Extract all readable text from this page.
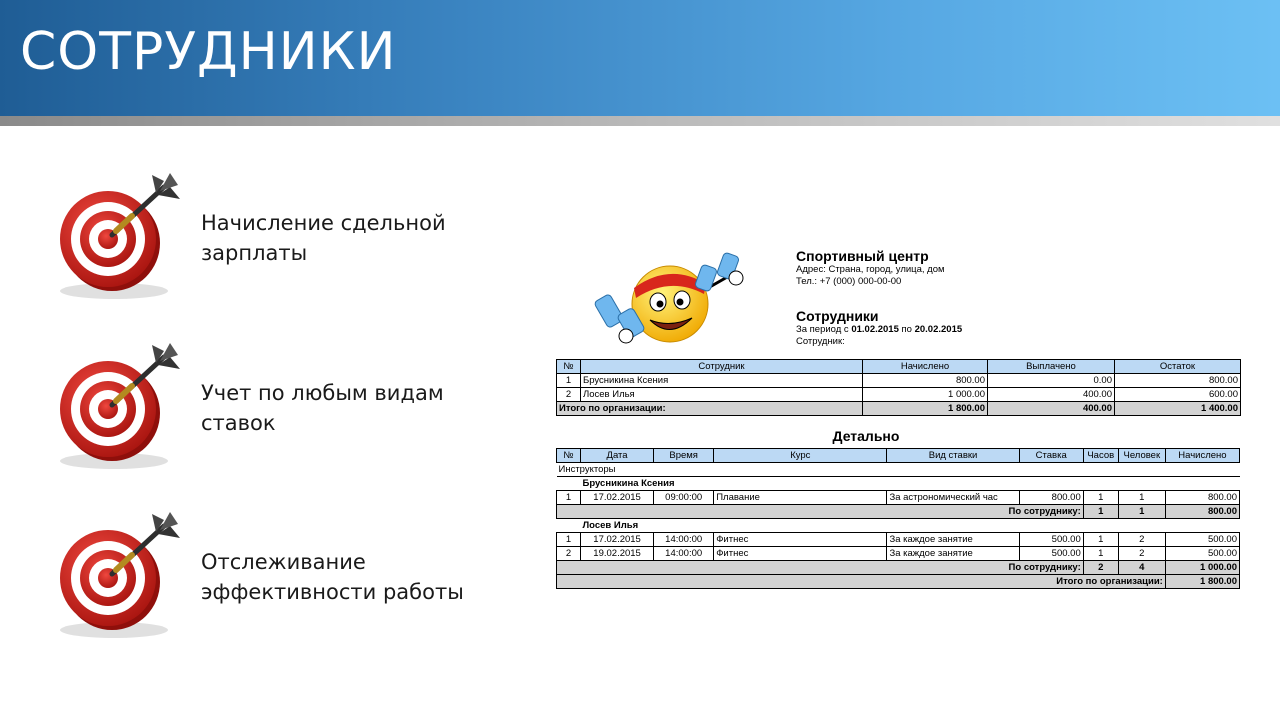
СОТРУДНИКИ
Начисление сдельной
зарплаты
Учет по любым видам
ставок
Отслеживание
эффективности работы
Спортивный центр
Адрес: Страна, город, улица, дом
Тел.: +7 (000) 000-00-00
Сотрудники
За период с 01.02.2015 по 20.02.2015
Сотрудник:
№	Сотрудник	Начислено	Выплачено	Остаток
1	Брусникина Ксения	800.00	0.00	800.00
2	Лосев Илья	1 000.00	400.00	600.00
Итого по организации:		1 800.00	400.00	1 400.00
Детально
№	Дата	Время	Курс	Вид ставки	Ставка	Часов	Человек	Начислено
Инструкторы								
Брусникина Ксения								
1	17.02.2015	09:00:00	Плавание	За астрономический час	800.00	1	1	800.00
По сотруднику:						1	1	800.00
Лосев Илья								
1	17.02.2015	14:00:00	Фитнес	За каждое занятие	500.00	1	2	500.00
2	19.02.2015	14:00:00	Фитнес	За каждое занятие	500.00	1	2	500.00
По сотруднику:						2	4	1 000.00
Итого по организации:								1 800.00
